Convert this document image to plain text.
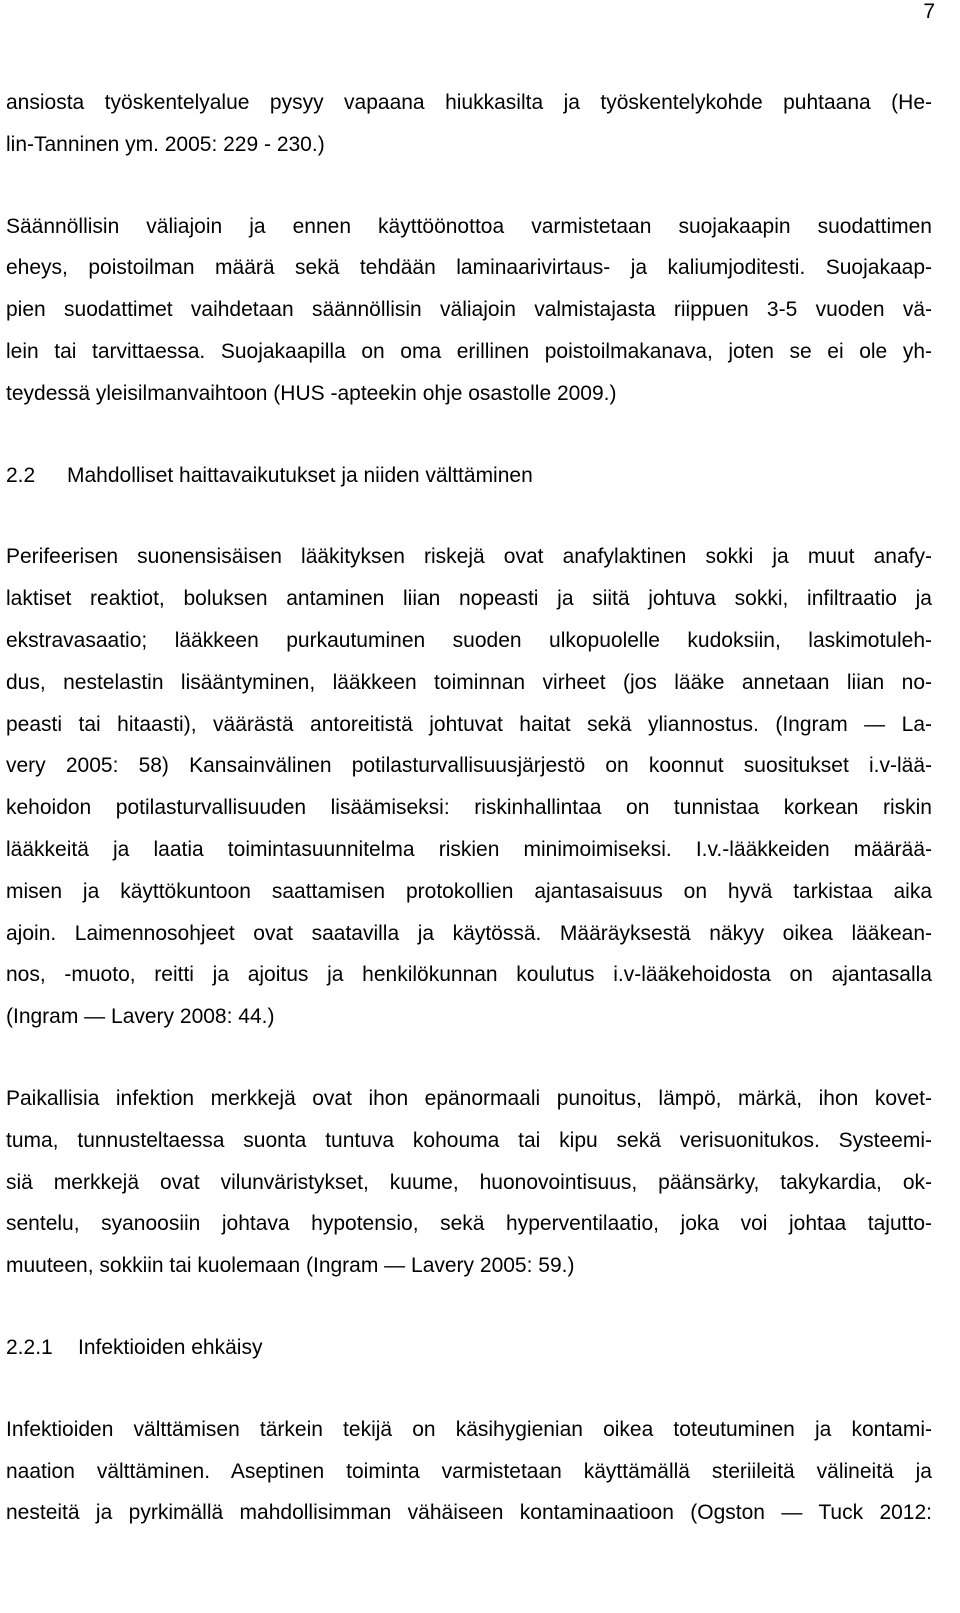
7

ansiosta työskentelyalue pysyy vapaana hiukkasilta ja työskentelykohde puhtaana (He-
lin-Tanninen ym. 2005: 229 - 230.)

Säännöllisin väliajoin ja ennen käyttöönottoa varmistetaan suojakaapin suodattimen
eheys, poistoilman määrä sekä tehdään laminaarivirtaus- ja kaliumjoditesti. Suojakaap-
pien suodattimet vaihdetaan säännöllisin väliajoin valmistajasta riippuen 3-5 vuoden vä-
lein tai tarvittaessa. Suojakaapilla on oma erillinen poistoilmakanava, joten se ei ole yh-
teydessä yleisilmanvaihtoon (HUS -apteekin ohje osastolle 2009.)

2.2 Mahdolliset haittavaikutukset ja niiden välttäminen

Perifeerisen suonensisäisen lääkityksen riskejä ovat anafylaktinen sokki ja muut anafy-
laktiset reaktiot, boluksen antaminen liian nopeasti ja siitä johtuva sokki, infiltraatio ja
ekstravasaatio; lääkkeen purkautuminen suoden ulkopuolelle kudoksiin, laskimotuleh-
dus, nestelastin lisääntyminen, lääkkeen toiminnan virheet (jos lääke annetaan liian no-
peasti tai hitaasti), väärästä antoreitistä johtuvat haitat sekä yliannostus. (Ingram — La-
very 2005: 58) Kansainvälinen potilasturvallisuusjärjestö on koonnut suositukset i.v-lää-
kehoidon potilasturvallisuuden lisäämiseksi: riskinhallintaa on tunnistaa korkean riskin
lääkkeitä ja laatia toimintasuunnitelma riskien minimoimiseksi. I.v.-lääkkeiden määrää-
misen ja käyttökuntoon saattamisen protokollien ajantasaisuus on hyvä tarkistaa aika
ajoin. Laimennosohjeet ovat saatavilla ja käytössä. Määräyksestä näkyy oikea lääkean-
nos, -muoto, reitti ja ajoitus ja henkilökunnan koulutus i.v-lääkehoidosta on ajantasalla
(Ingram — Lavery 2008: 44.)

Paikallisia infektion merkkejä ovat ihon epänormaali punoitus, lämpö, märkä, ihon kovet-
tuma, tunnusteltaessa suonta tuntuva kohouma tai kipu sekä verisuonitukos. Systeemi-
siä merkkejä ovat vilunväristykset, kuume, huonovointisuus, päänsärky, takykardia, ok-
sentelu, syanoosiin johtava hypotensio, sekä hyperventilaatio, joka voi johtaa tajutto-
muuteen, sokkiin tai kuolemaan (Ingram — Lavery 2005: 59.)

2.2.1 Infektioiden ehkäisy

Infektioiden välttämisen tärkein tekijä on käsihygienian oikea toteutuminen ja kontami-
naation välttäminen. Aseptinen toiminta varmistetaan käyttämällä steriileitä välineitä ja
nesteitä ja pyrkimällä mahdollisimman vähäiseen kontaminaatioon (Ogston — Tuck 2012:
